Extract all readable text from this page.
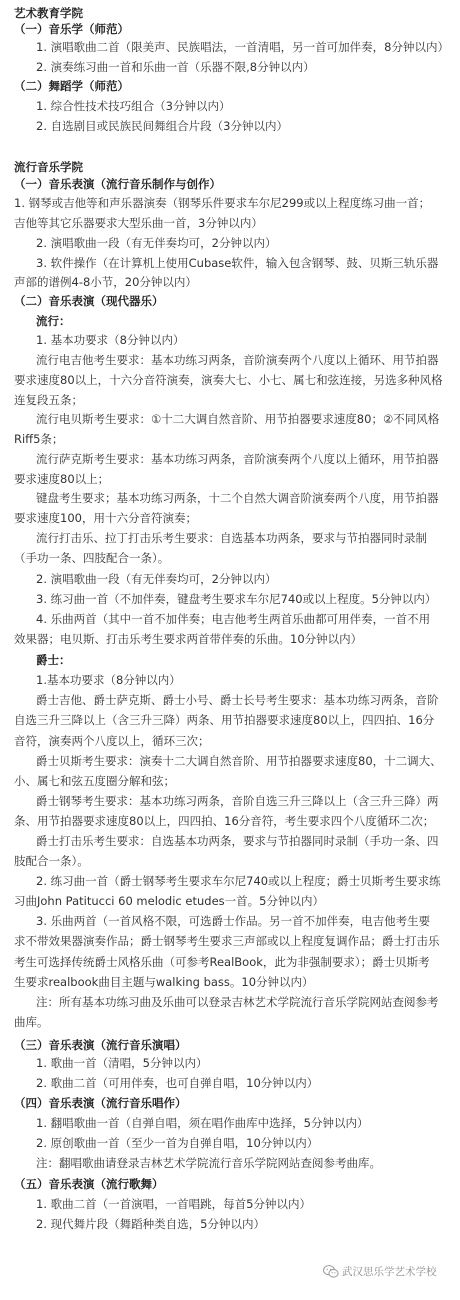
艺术教育学院
（一）音乐学（师范）
1. 演唱歌曲二首（限美声、民族唱法，一首清唱，另一首可加伴奏，8分钟以内）
2. 演奏练习曲一首和乐曲一首（乐器不限,8分钟以内）
（二）舞蹈学（师范）
1. 综合性技术技巧组合（3分钟以内）
2. 自选剧目或民族民间舞组合片段（3分钟以内）
流行音乐学院
（一）音乐表演（流行音乐制作与创作）
1. 钢琴或吉他等和声乐器演奏（钢琴乐件要求车尔尼299或以上程度练习曲一首；
吉他等其它乐器要求大型乐曲一首，3分钟以内）
2. 演唱歌曲一段（有无伴奏均可，2分钟以内）
3. 软件操作（在计算机上使用Cubase软件，输入包含钢琴、鼓、贝斯三轨乐器
声部的谱例4-8小节，20分钟以内）
（二）音乐表演（现代器乐）
流行：
1. 基本功要求（8分钟以内）
流行电吉他考生要求：基本功练习两条，音阶演奏两个八度以上循环、用节拍器
要求速度80以上，十六分音符演奏，演奏大七、小七、属七和弦连接，另选多种风格
连复段五条；
流行电贝斯考生要求：①十二大调自然音阶、用节拍器要求速度80；②不同风格
Riff5条；
流行萨克斯考生要求：基本功练习两条，音阶演奏两个八度以上循环，用节拍器
要求速度80以上；
键盘考生要求；基本功练习两条，十二个自然大调音阶演奏两个八度，用节拍器
要求速度100，用十六分音符演奏；
流行打击乐、拉丁打击乐考生要求：自选基本功两条，要求与节拍器同时录制
（手功一条、四肢配合一条）。
2. 演唱歌曲一段（有无伴奏均可，2分钟以内）
3. 练习曲一首（不加伴奏，键盘考生要求车尔尼740或以上程度。5分钟以内）
4. 乐曲两首（其中一首不加伴奏；电吉他考生两首乐曲都可用伴奏，一首不用
效果器；电贝斯、打击乐考生要求两首带伴奏的乐曲。10分钟以内）
爵士：
1.基本功要求（8分钟以内）
爵士吉他、爵士萨克斯、爵士小号、爵士长号考生要求：基本功练习两条，音阶
自选三升三降以上（含三升三降）两条、用节拍器要求速度80以上，四四拍、16分
音符，演奏两个八度以上，循环三次；
爵士贝斯考生要求：演奏十二大调自然音阶、用节拍器要求速度80，十二调大、
小、属七和弦五度圈分解和弦；
爵士钢琴考生要求：基本功练习两条，音阶自选三升三降以上（含三升三降）两
条、用节拍器要求速度80以上，四四拍、16分音符，考生要求四个八度循环二次；
爵士打击乐考生要求：自选基本功两条，要求与节拍器同时录制（手功一条、四
肢配合一条）。
2. 练习曲一首（爵士钢琴考生要求车尔尼740或以上程度；爵士贝斯考生要求练
习曲John Patitucci 60 melodic etudes一首。5分钟以内）
3. 乐曲两首（一首风格不限，可选爵士作品。另一首不加伴奏，电吉他考生要
求不带效果器演奏作品；爵士钢琴考生要求三声部或以上程度复调作品；爵士打击乐
考生可选择传统爵士风格乐曲（可参考RealBook，此为非强制要求）；爵士贝斯考
生要求realbook曲目主题与walking bass。10分钟以内）
注：所有基本功练习曲及乐曲可以登录吉林艺术学院流行音乐学院网站查阅参考
曲库。
（三）音乐表演（流行音乐演唱）
1. 歌曲一首（清唱，5分钟以内）
2. 歌曲二首（可用伴奏，也可自弹自唱，10分钟以内）
（四）音乐表演（流行音乐唱作）
1. 翻唱歌曲一首（自弹自唱，须在唱作曲库中选择，5分钟以内）
2. 原创歌曲一首（至少一首为自弹自唱，10分钟以内）
注：翻唱歌曲请登录吉林艺术学院流行音乐学院网站查阅参考曲库。
（五）音乐表演（流行歌舞）
1. 歌曲二首（一首演唱，一首唱跳，每首5分钟以内）
2. 现代舞片段（舞蹈种类自选，5分钟以内）
武汉思乐学艺术学校
